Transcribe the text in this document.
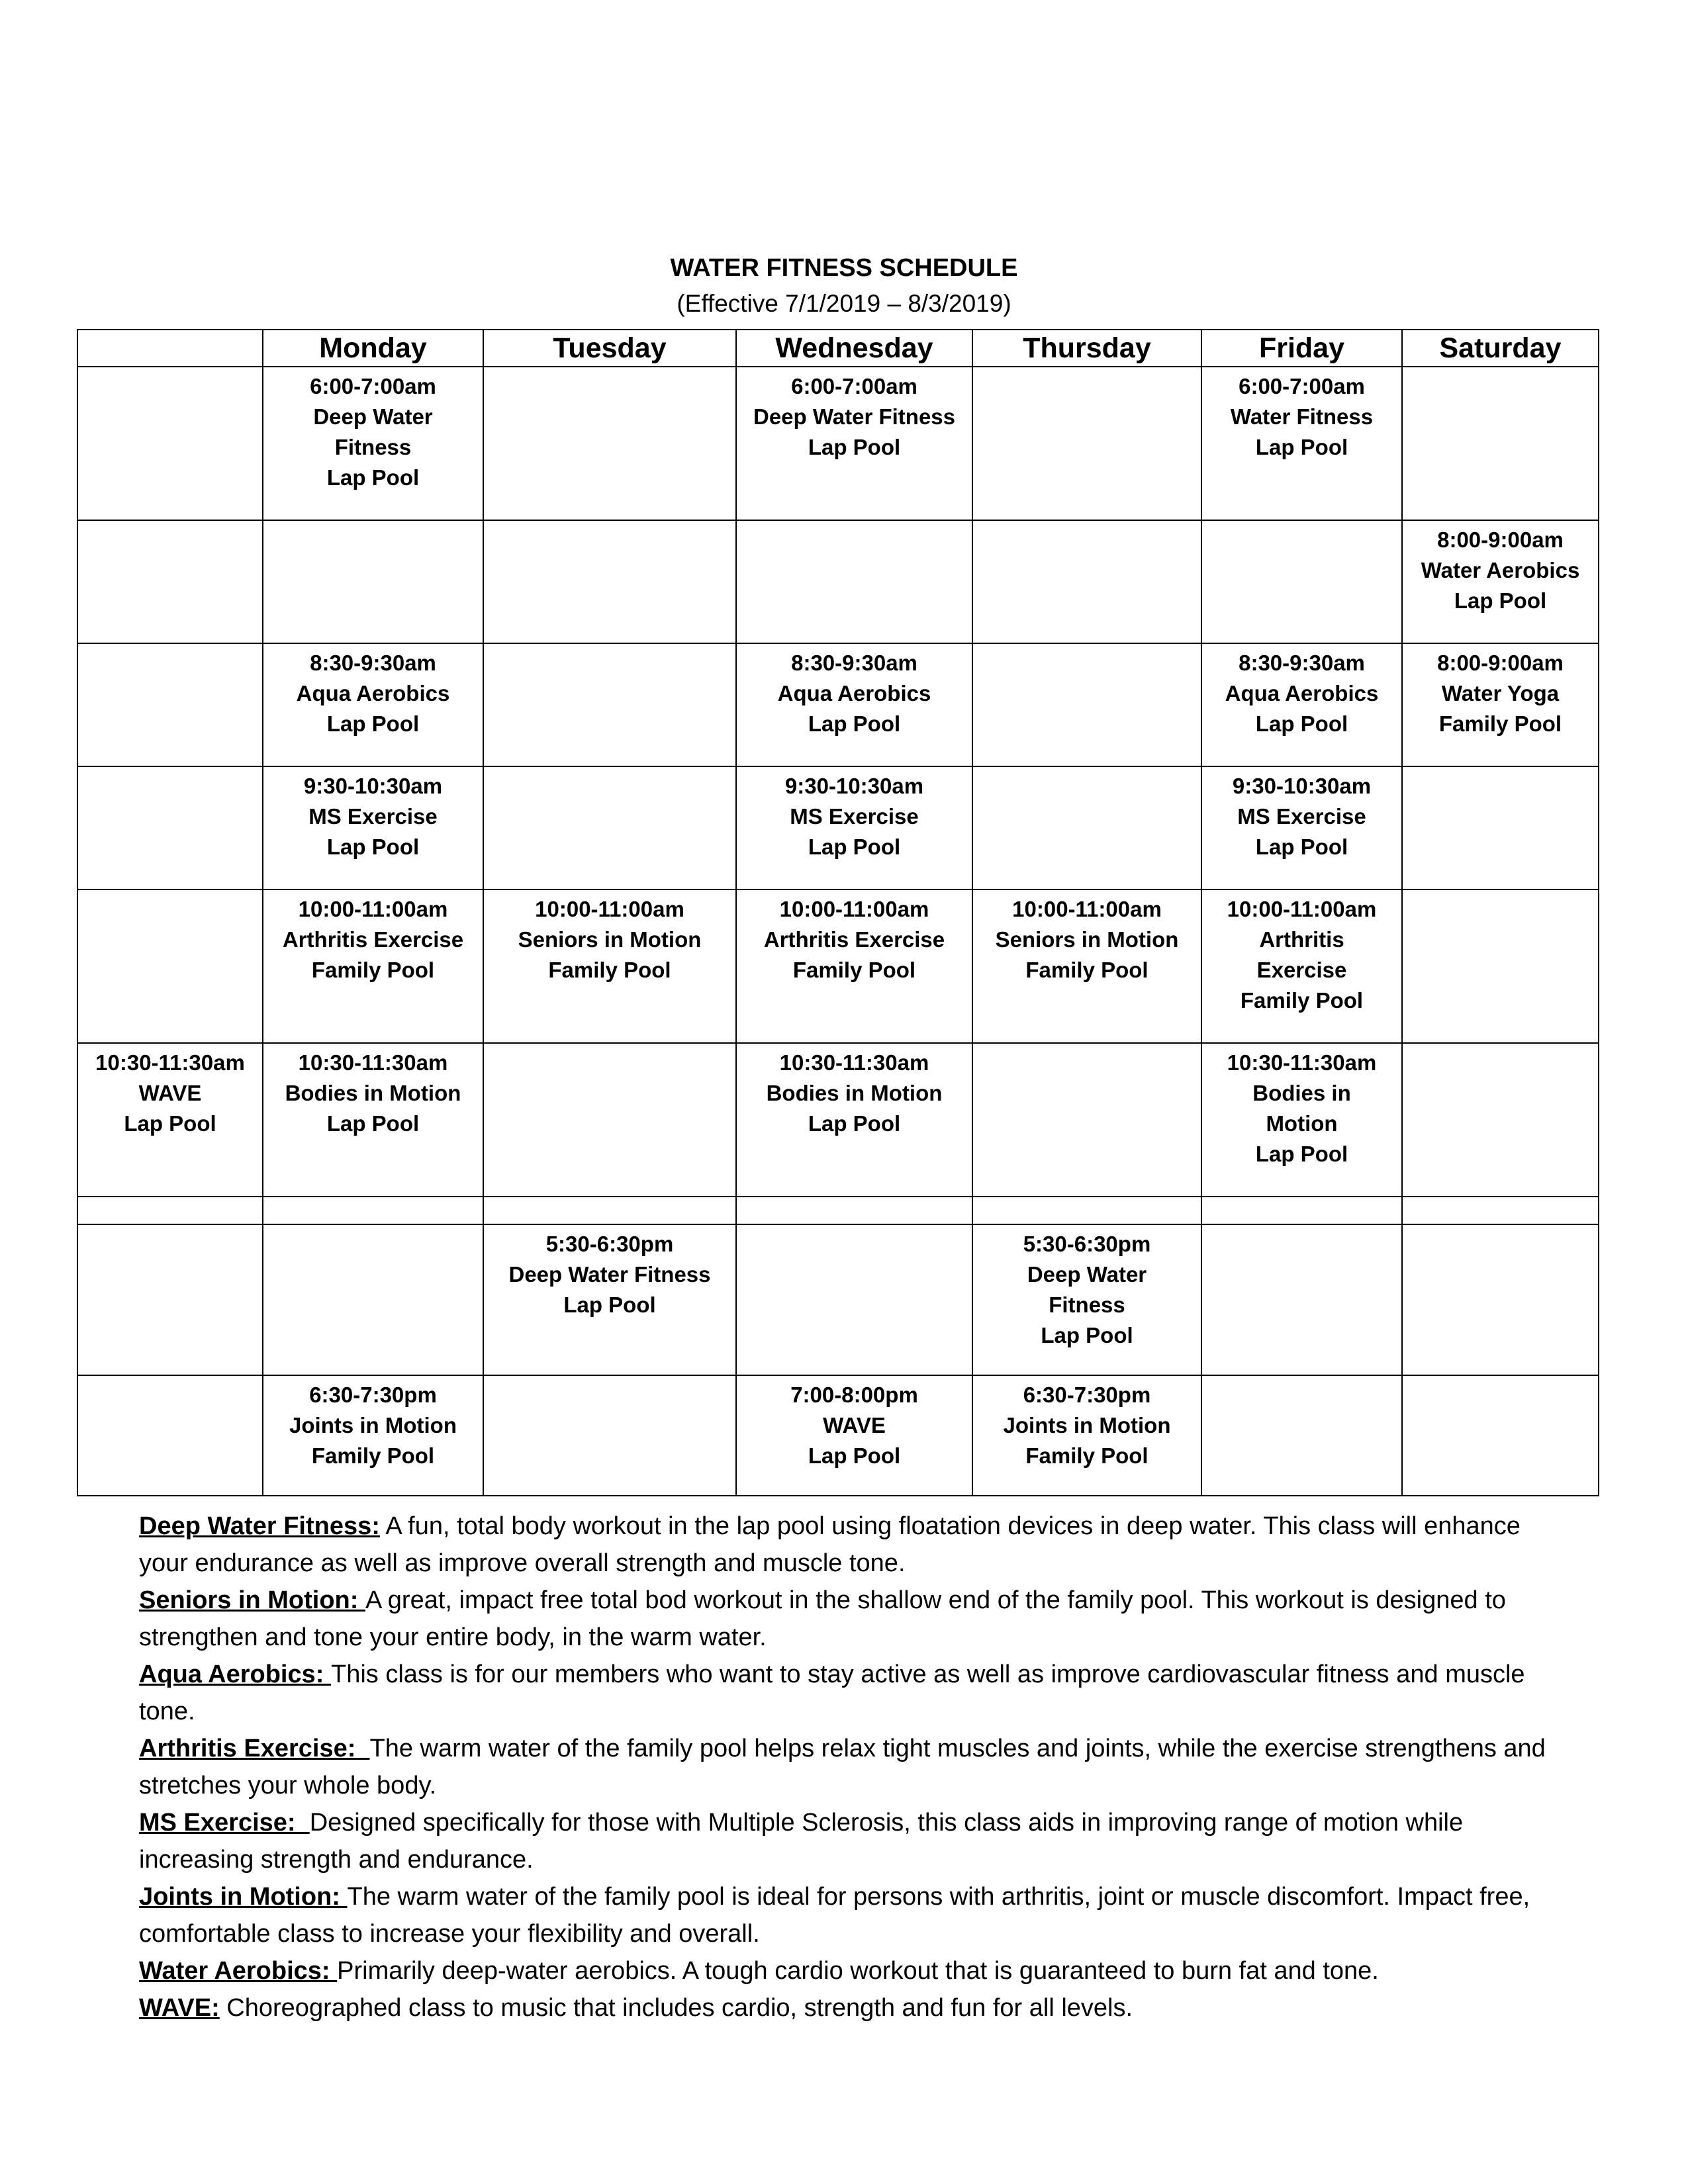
WATER FITNESS SCHEDULE
(Effective 7/1/2019 – 8/3/2019)
	Monday	Tuesday	Wednesday	Thursday	Friday	Saturday

	6:00-7:00am
Deep Water
Fitness
Lap Pool		6:00-7:00am
Deep Water Fitness
Lap Pool		6:00-7:00am
Water Fitness
Lap Pool	

						8:00-9:00am
Water Aerobics
Lap Pool

	8:30-9:30am
Aqua Aerobics
Lap Pool		8:30-9:30am
Aqua Aerobics
Lap Pool		8:30-9:30am
Aqua Aerobics
Lap Pool	8:00-9:00am
Water Yoga
Family Pool

	9:30-10:30am
MS Exercise
Lap Pool		9:30-10:30am
MS Exercise
Lap Pool		9:30-10:30am
MS Exercise
Lap Pool	

	10:00-11:00am
Arthritis Exercise
Family Pool	10:00-11:00am
Seniors in Motion
Family Pool	10:00-11:00am
Arthritis Exercise
Family Pool	10:00-11:00am
Seniors in Motion
Family Pool	10:00-11:00am
Arthritis
Exercise
Family Pool	

10:30-11:30am
WAVE
Lap Pool	10:30-11:30am
Bodies in Motion
Lap Pool		10:30-11:30am
Bodies in Motion
Lap Pool		10:30-11:30am
Bodies in
Motion
Lap Pool	

		5:30-6:30pm
Deep Water Fitness
Lap Pool		5:30-6:30pm
Deep Water
Fitness
Lap Pool		

	6:30-7:30pm
Joints in Motion
Family Pool		7:00-8:00pm
WAVE
Lap Pool	6:30-7:30pm
Joints in Motion
Family Pool		

Deep Water Fitness: A fun, total body workout in the lap pool using floatation devices in deep water. This class will enhance your endurance as well as improve overall strength and muscle tone.

Seniors in Motion: A great, impact free total bod workout in the shallow end of the family pool. This workout is designed to strengthen and tone your entire body, in the warm water.

Aqua Aerobics: This class is for our members who want to stay active as well as improve cardiovascular fitness and muscle tone.

Arthritis Exercise:  The warm water of the family pool helps relax tight muscles and joints, while the exercise strengthens and stretches your whole body.

MS Exercise:  Designed specifically for those with Multiple Sclerosis, this class aids in improving range of motion while increasing strength and endurance.

Joints in Motion: The warm water of the family pool is ideal for persons with arthritis, joint or muscle discomfort. Impact free, comfortable class to increase your flexibility and overall.

Water Aerobics: Primarily deep-water aerobics. A tough cardio workout that is guaranteed to burn fat and tone.

WAVE: Choreographed class to music that includes cardio, strength and fun for all levels.
